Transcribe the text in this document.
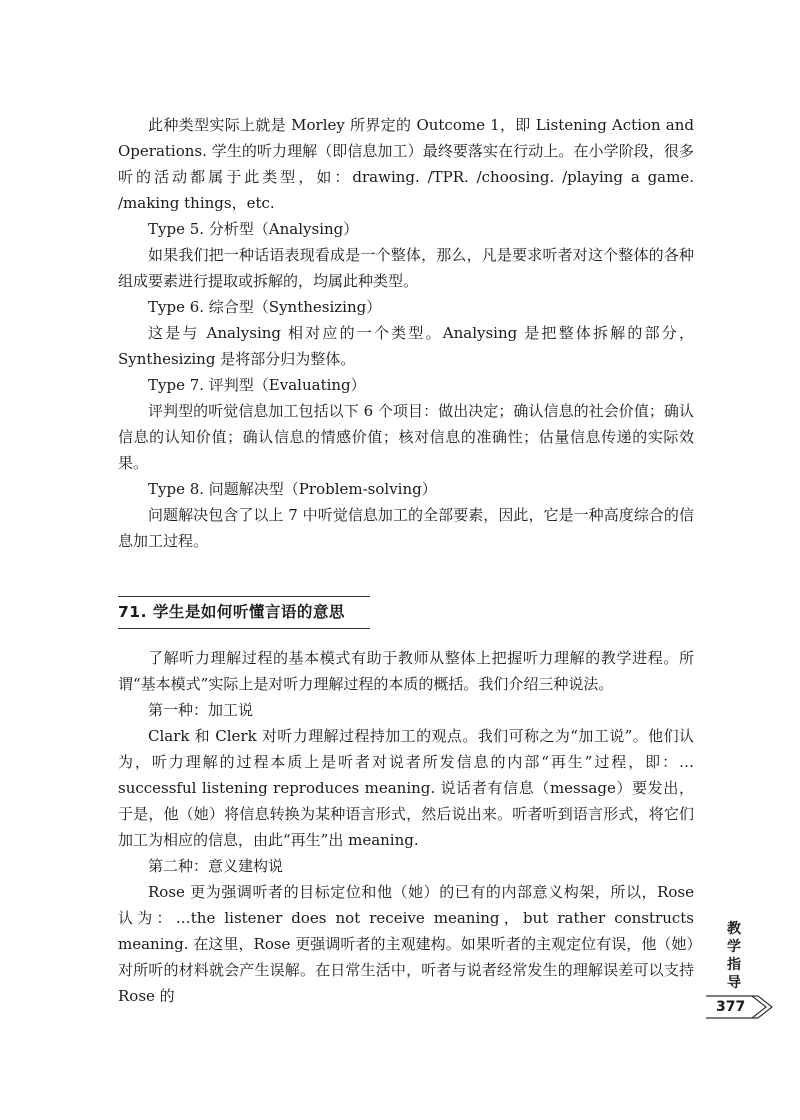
此种类型实际上就是 Morley 所界定的 Outcome 1，即 Listening Action and Operations. 学生的听力理解（即信息加工）最终要落实在行动上。在小学阶段，很多听的活动都属于此类型，如：drawing. /TPR. /choosing. /playing a game. /making things，etc.

Type 5. 分析型（Analysing）

如果我们把一种话语表现看成是一个整体，那么，凡是要求听者对这个整体的各种组成要素进行提取或拆解的，均属此种类型。

Type 6. 综合型（Synthesizing）

这是与 Analysing 相对应的一个类型。Analysing 是把整体拆解的部分，Synthesizing 是将部分归为整体。

Type 7. 评判型（Evaluating）

评判型的听觉信息加工包括以下 6 个项目：做出决定；确认信息的社会价值；确认信息的认知价值；确认信息的情感价值；核对信息的准确性；估量信息传递的实际效果。

Type 8. 问题解决型（Problem-solving）

问题解决包含了以上 7 中听觉信息加工的全部要素，因此，它是一种高度综合的信息加工过程。

71. 学生是如何听懂言语的意思

了解听力理解过程的基本模式有助于教师从整体上把握听力理解的教学进程。所谓“基本模式”实际上是对听力理解过程的本质的概括。我们介绍三种说法。

第一种：加工说

Clark 和 Clerk 对听力理解过程持加工的观点。我们可称之为“加工说”。他们认为，听力理解的过程本质上是听者对说者所发信息的内部“再生”过程，即：…successful listening reproduces meaning. 说话者有信息（message）要发出，于是，他（她）将信息转换为某种语言形式，然后说出来。听者听到语言形式，将它们加工为相应的信息，由此“再生”出 meaning.

第二种：意义建构说

Rose 更为强调听者的目标定位和他（她）的已有的内部意义构架，所以，Rose 认为：…the listener does not receive meaning，but rather constructs meaning. 在这里，Rose 更强调听者的主观建构。如果听者的主观定位有误，他（她）对所听的材料就会产生误解。在日常生活中，听者与说者经常发生的理解误差可以支持 Rose 的

教
学
指
导
377
